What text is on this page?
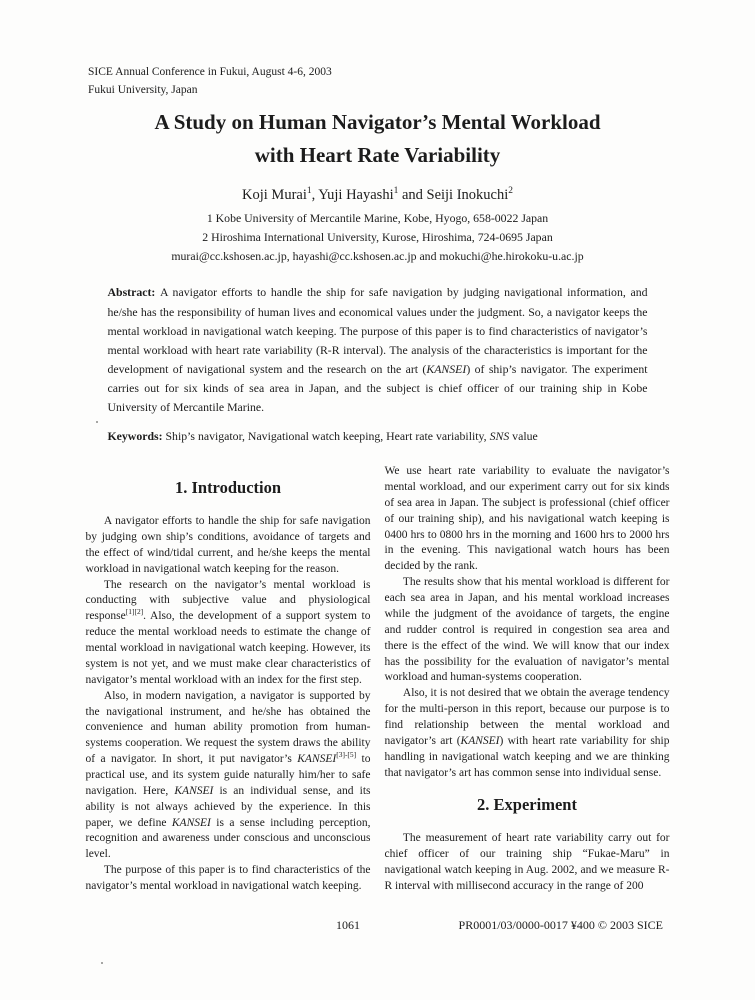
SICE Annual Conference in Fukui, August 4-6, 2003
Fukui University, Japan
A Study on Human Navigator’s Mental Workload
with Heart Rate Variability
Koji Murai$^1$, Yuji Hayashi$^1$ and Seiji Inokuchi$^2$
1 Kobe University of Mercantile Marine, Kobe, Hyogo, 658-0022 Japan
2 Hiroshima International University, Kurose, Hiroshima, 724-0695 Japan
murai@cc.kshosen.ac.jp, hayashi@cc.kshosen.ac.jp and mokuchi@he.hirokoku-u.ac.jp
Abstract: A navigator efforts to handle the ship for safe navigation by judging navigational information, and he/she has the responsibility of human lives and economical values under the judgment. So, a navigator keeps the mental workload in navigational watch keeping. The purpose of this paper is to find characteristics of navigator’s mental workload with heart rate variability (R-R interval). The analysis of the characteristics is important for the development of navigational system and the research on the art (KANSEI) of ship’s navigator. The experiment carries out for six kinds of sea area in Japan, and the subject is chief officer of our training ship in Kobe University of Mercantile Marine.
Keywords: Ship’s navigator, Navigational watch keeping, Heart rate variability, SNS value
1. Introduction

A navigator efforts to handle the ship for safe navigation by judging own ship’s conditions, avoidance of targets and the effect of wind/tidal current, and he/she keeps the mental workload in navigational watch keeping for the reason.

The research on the navigator’s mental workload is conducting with subjective value and physiological response[1][2]. Also, the development of a support system to reduce the mental workload needs to estimate the change of mental workload in navigational watch keeping. However, its system is not yet, and we must make clear characteristics of navigator’s mental workload with an index for the first step.

Also, in modern navigation, a navigator is supported by the navigational instrument, and he/she has obtained the convenience and human ability promotion from human-systems cooperation. We request the system draws the ability of a navigator. In short, it put navigator’s KANSEI[3]-[5] to practical use, and its system guide naturally him/her to safe navigation. Here, KANSEI is an individual sense, and its ability is not always achieved by the experience. In this paper, we define KANSEI is a sense including perception, recognition and awareness under conscious and unconscious level.

The purpose of this paper is to find characteristics of the navigator’s mental workload in navigational watch keeping.

We use heart rate variability to evaluate the navigator’s mental workload, and our experiment carry out for six kinds of sea area in Japan. The subject is professional (chief officer of our training ship), and his navigational watch keeping is 0400 hrs to 0800 hrs in the morning and 1600 hrs to 2000 hrs in the evening. This navigational watch hours has been decided by the rank.

The results show that his mental workload is different for each sea area in Japan, and his mental workload increases while the judgment of the avoidance of targets, the engine and rudder control is required in congestion sea area and there is the effect of the wind. We will know that our index has the possibility for the evaluation of navigator’s mental workload and human-systems cooperation.

Also, it is not desired that we obtain the average tendency for the multi-person in this report, because our purpose is to find relationship between the mental workload and navigator’s art (KANSEI) with heart rate variability for ship handling in navigational watch keeping and we are thinking that navigator’s art has common sense into individual sense.

2. Experiment

The measurement of heart rate variability carry out for chief officer of our training ship “Fukae-Maru” in navigational watch keeping in Aug. 2002, and we measure R-R interval with millisecond accuracy in the range of 200

1061	PR0001/03/0000-0017 ¥400 © 2003 SICE
